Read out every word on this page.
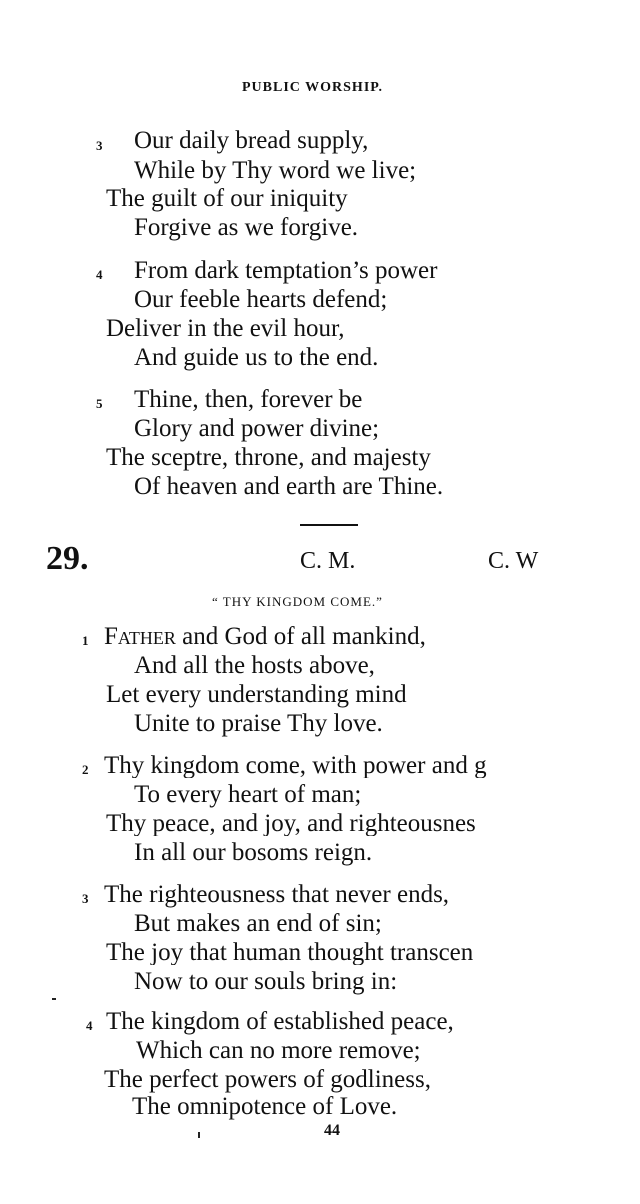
PUBLIC WORSHIP.
3 Our daily bread supply,
While by Thy word we live;
The guilt of our iniquity
Forgive as we forgive.
4 From dark temptation’s power
Our feeble hearts defend;
Deliver in the evil hour,
And guide us to the end.
5 Thine, then, forever be
Glory and power divine;
The sceptre, throne, and majesty
Of heaven and earth are Thine.
29.	C. M.	C. W
“ THY KINGDOM COME.”
1 Father and God of all mankind,
And all the hosts above,
Let every understanding mind
Unite to praise Thy love.
2 Thy kingdom come, with power and g
To every heart of man;
Thy peace, and joy, and righteousnes
In all our bosoms reign.
3 The righteousness that never ends,
But makes an end of sin;
The joy that human thought transcen
Now to our souls bring in:
4 The kingdom of established peace,
Which can no more remove;
The perfect powers of godliness,
The omnipotence of Love.
44
